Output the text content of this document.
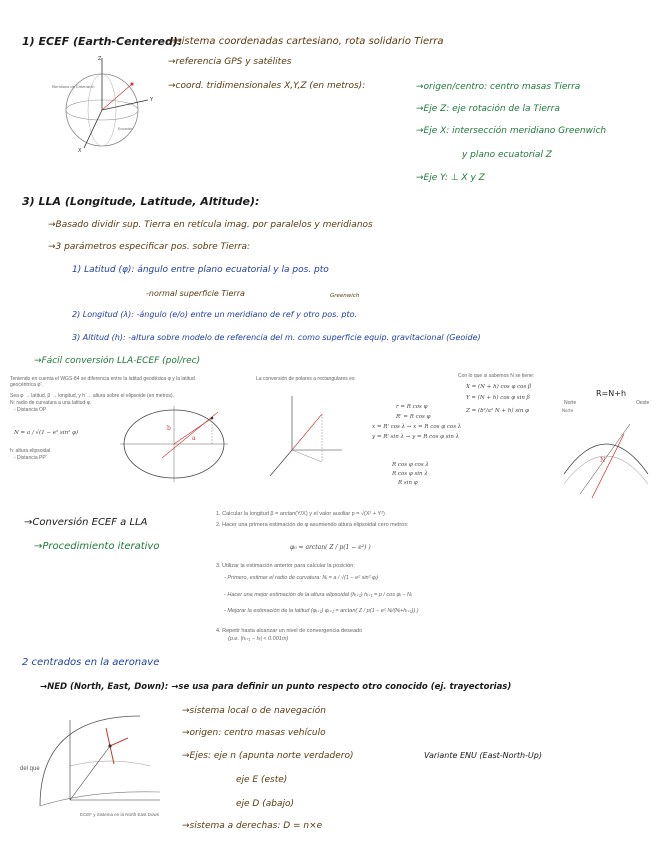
1) ECEF (Earth-Centered):
→sistema coordenadas cartesiano, rota solidario Tierra
→referencia GPS y satélites
→coord. tridimensionales X,Y,Z (en metros):	→origen/centro: centro masas Tierra
→Eje Z: eje rotación de la Tierra
→Eje X: intersección meridiano Greenwich
y plano ecuatorial Z
→Eje Y: ⊥ X y Z
Z
Y
X
Meridiano de Greenwich
Ecuador
3) LLA (Longitude, Latitude, Altitude):
→Basado dividir sup. Tierra en retícula imag. por paralelos y meridianos
→3 parámetros especificar pos. sobre Tierra:
1) Latitud (φ): ángulo entre plano ecuatorial y la pos. pto
-normal superficie Tierra	Greenwich
2) Longitud (λ): -ángulo (e/o) entre un meridiano de ref y otro pos. pto.
3) Altitud (h): -altura sobre modelo de referencia del m. como superficie equip. gravitacional (Geoide)
→Fácil conversión LLA-ECEF (pol/rec)
Teniendo en cuenta el WGS-84 se diferencia entre la latitud geodésica φ y la latitud geocéntrica φ'.
Sea φ → latitud, β → longitud, y h → altura sobre el elipsoide (en metros),
N: radio de curvatura a una latitud φ.
- Distancia OP
N = a / √(1 − e² sin² φ)
h: altura elipsoidal
- Distancia PP'
b
a
La conversión de polares a rectangulares es:
r = R cos φ
R' = R cos φ
x = R' cos λ → x = R cos φ cos λ
y = R' sin λ → y = R cos φ sin λ
R cos φ cos λ
R cos φ sin λ
R sin φ
Con lo que si sabemos N se tiene:
X = (N + h) cos φ cos β
Y = (N + h) cos φ sin β
Z = (b²/a² N + h) sin φ
R=N+h
N
Norte
Norte	Oeste
→Conversión ECEF a LLA
→Procedimiento iterativo
1. Calcular la longitud β = arctan(Y/X) y el valor auxiliar p = √(X² + Y²)
2. Hacer una primera estimación de φ asumiendo altura elipsoidal cero metros:
φ₀ = arctan( Z / p(1 − e²) )
3. Utilizar la estimación anterior para calcular la posición:
- Primero, estimar el radio de curvatura: Nᵢ = a / √(1 − e² sin² φᵢ)
- Hacer una mejor estimación de la altura elipsoidal (hᵢ₊₁) hᵢ₊₁ = p / cos φᵢ − Nᵢ
- Mejorar la estimación de la latitud (φᵢ₊₁) φᵢ₊₁ = arctan( Z / p(1 − e² Nᵢ/(Nᵢ+hᵢ₊₁)) )
4. Repetir hasta alcanzar un nivel de convergencia deseado
(p.e. |hᵢ₊₁ − hᵢ| < 0.001m)
2 centrados en la aeronave
→NED (North, East, Down): →se usa para definir un punto respecto otro conocido (ej. trayectorias)
→sistema local o de navegación
→origen: centro masas vehículo
→Ejes: eje n (apunta norte verdadero)	Variante ENU (East-North-Up)
eje E (este)
eje D (abajo)
→sistema a derechas: D = n×e
del que
ECEF y Sistema en la North East Down
